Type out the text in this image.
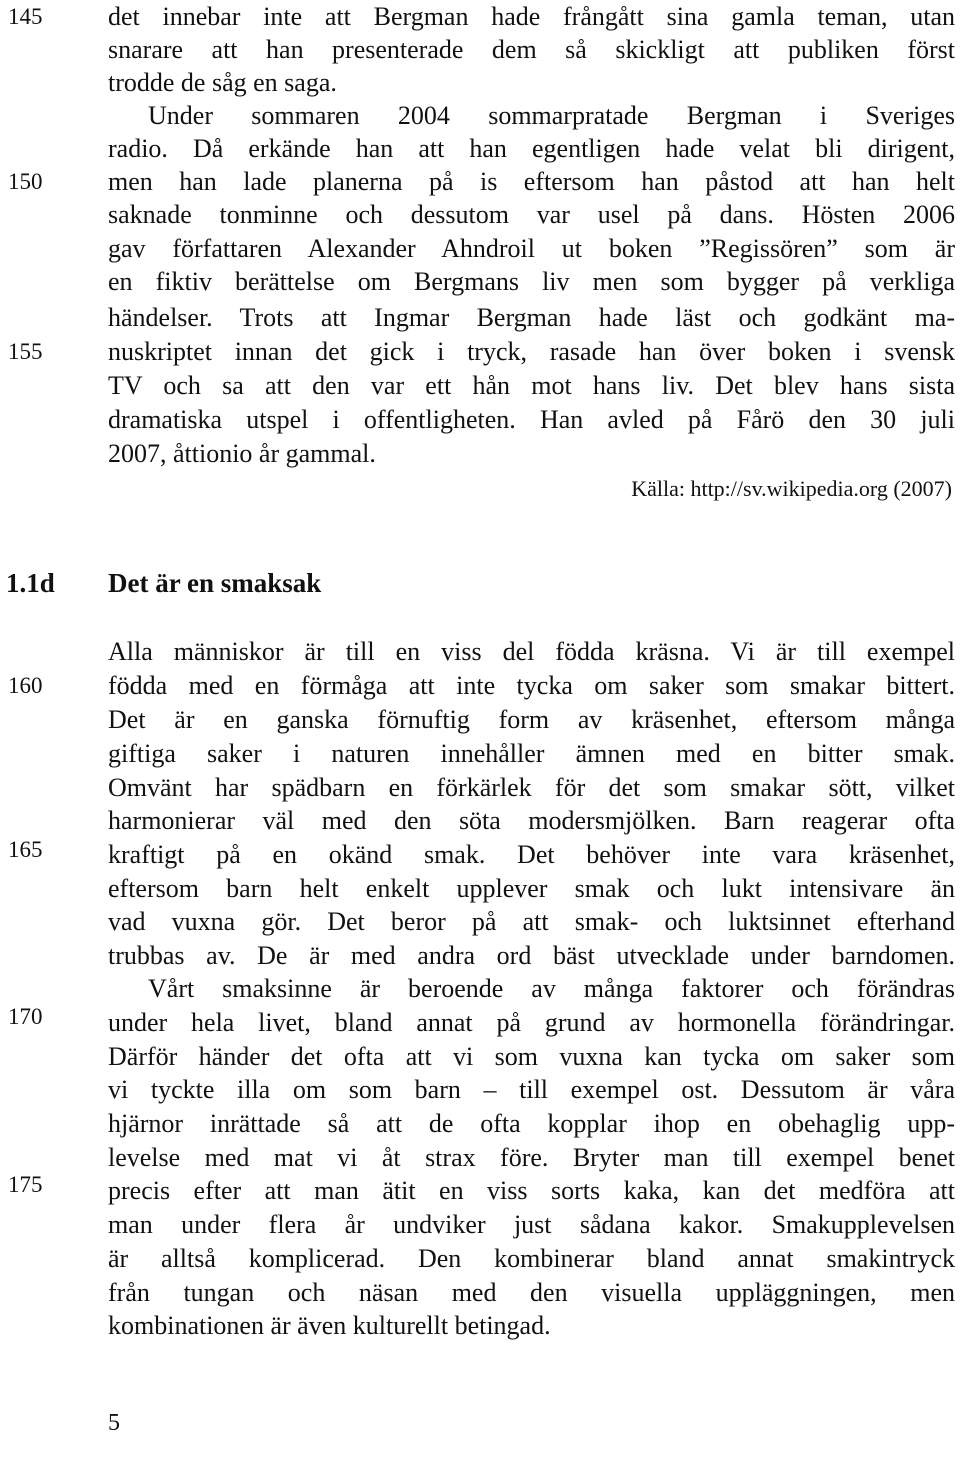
145
150
155
160
165
170
175
det innebar inte att Bergman hade frångått sina gamla teman, utan
snarare att han presenterade dem så skickligt att publiken först
trodde de såg en saga.
Under sommaren 2004 sommarpratade Bergman i Sveriges
radio. Då erkände han att han egentligen hade velat bli dirigent,
men han lade planerna på is eftersom han påstod att han helt
saknade tonminne och dessutom var usel på dans. Hösten 2006
gav författaren Alexander Ahndroil ut boken ”Regissören” som är
en fiktiv berättelse om Bergmans liv men som bygger på verkliga
händelser. Trots att Ingmar Bergman hade läst och godkänt ma-
nuskriptet innan det gick i tryck, rasade han över boken i svensk
TV och sa att den var ett hån mot hans liv. Det blev hans sista
dramatiska utspel i offentligheten. Han avled på Fårö den 30 juli
2007, åttionio år gammal.
Källa: http://sv.wikipedia.org (2007)
1.1d Det är en smaksak
Alla människor är till en viss del födda kräsna. Vi är till exempel
födda med en förmåga att inte tycka om saker som smakar bittert.
Det är en ganska förnuftig form av kräsenhet, eftersom många
giftiga saker i naturen innehåller ämnen med en bitter smak.
Omvänt har spädbarn en förkärlek för det som smakar sött, vilket
harmonierar väl med den söta modersmjölken. Barn reagerar ofta
kraftigt på en okänd smak. Det behöver inte vara kräsenhet,
eftersom barn helt enkelt upplever smak och lukt intensivare än
vad vuxna gör. Det beror på att smak- och luktsinnet efterhand
trubbas av. De är med andra ord bäst utvecklade under barndomen.
Vårt smaksinne är beroende av många faktorer och förändras
under hela livet, bland annat på grund av hormonella förändringar.
Därför händer det ofta att vi som vuxna kan tycka om saker som
vi tyckte illa om som barn – till exempel ost. Dessutom är våra
hjärnor inrättade så att de ofta kopplar ihop en obehaglig upp-
levelse med mat vi åt strax före. Bryter man till exempel benet
precis efter att man ätit en viss sorts kaka, kan det medföra att
man under flera år undviker just sådana kakor. Smakupplevelsen
är alltså komplicerad. Den kombinerar bland annat smakintryck
från tungan och näsan med den visuella uppläggningen, men
kombinationen är även kulturellt betingad.
5
